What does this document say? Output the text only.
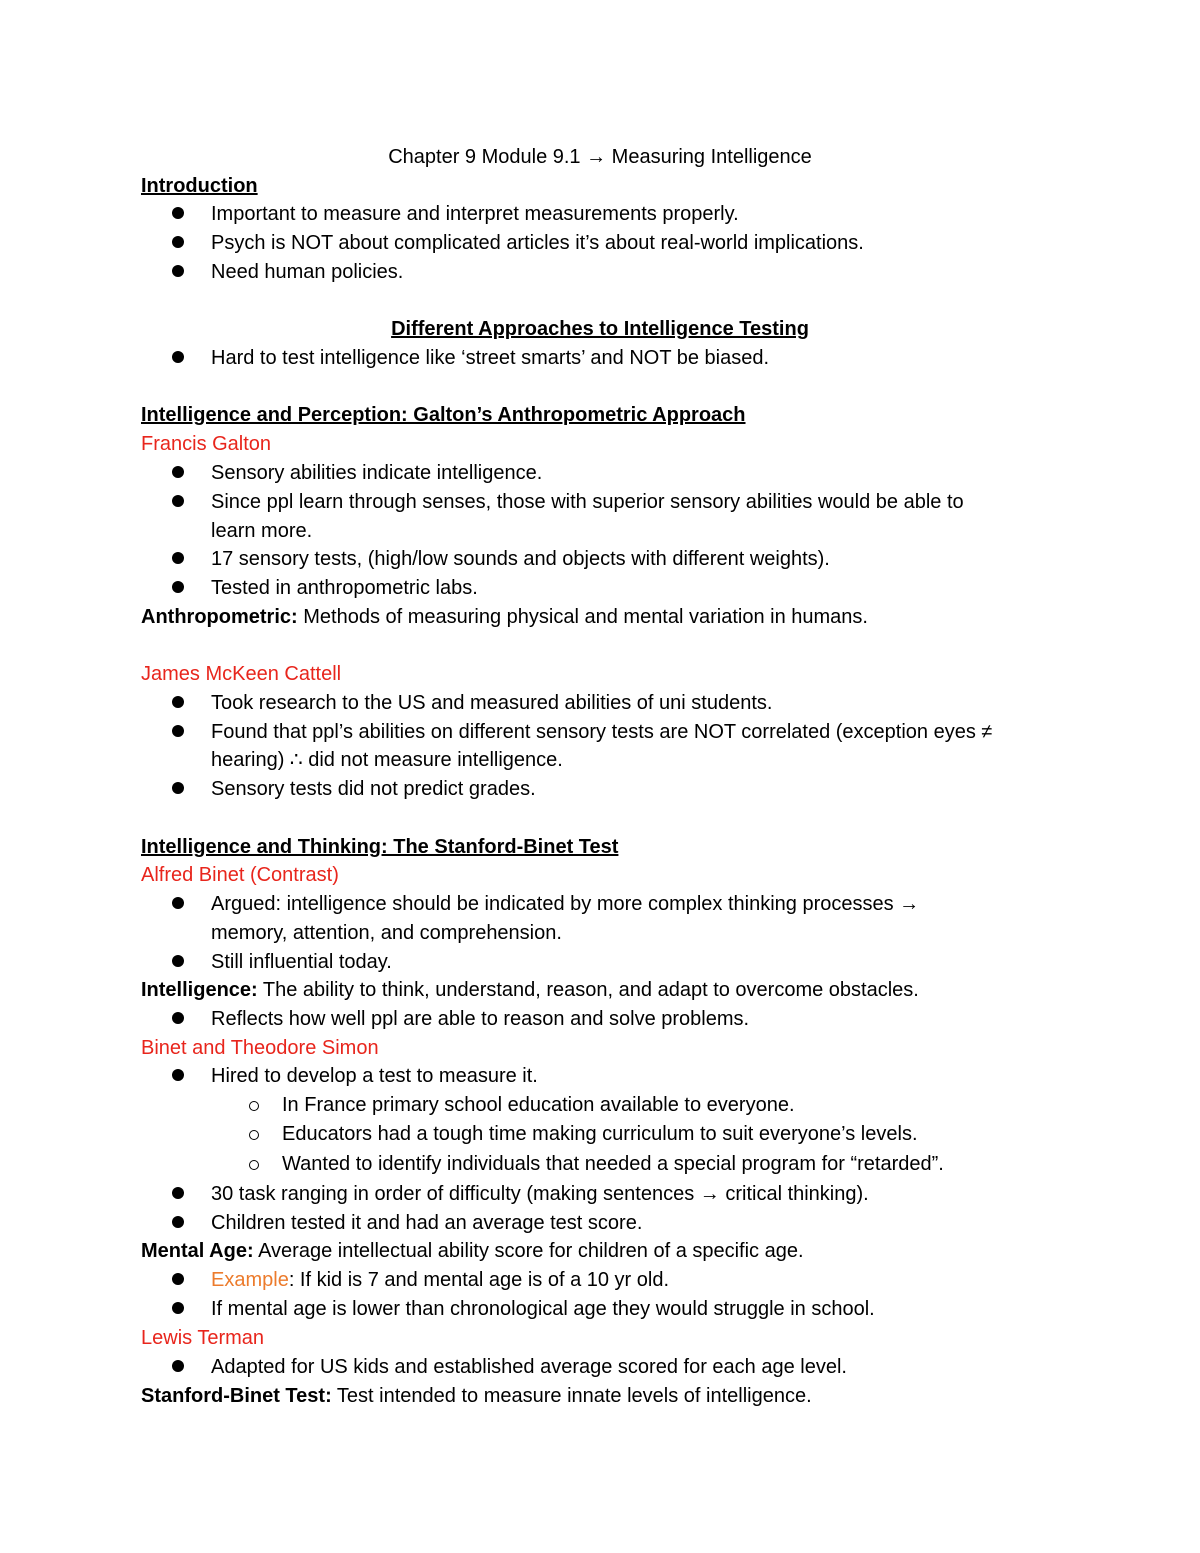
Chapter 9 Module 9.1 → Measuring Intelligence
Introduction
Important to measure and interpret measurements properly.
Psych is NOT about complicated articles it’s about real-world implications.
Need human policies.
Different Approaches to Intelligence Testing
Hard to test intelligence like ‘street smarts’ and NOT be biased.
Intelligence and Perception: Galton’s Anthropometric Approach
Francis Galton
Sensory abilities indicate intelligence.
Since ppl learn through senses, those with superior sensory abilities would be able to
learn more.
17 sensory tests, (high/low sounds and objects with different weights).
Tested in anthropometric labs.
Anthropometric: Methods of measuring physical and mental variation in humans.
James McKeen Cattell
Took research to the US and measured abilities of uni students.
Found that ppl’s abilities on different sensory tests are NOT correlated (exception eyes ≠
hearing) ∴ did not measure intelligence.
Sensory tests did not predict grades.
Intelligence and Thinking: The Stanford-Binet Test
Alfred Binet (Contrast)
Argued: intelligence should be indicated by more complex thinking processes →
memory, attention, and comprehension.
Still influential today.
Intelligence: The ability to think, understand, reason, and adapt to overcome obstacles.
Reflects how well ppl are able to reason and solve problems.
Binet and Theodore Simon
Hired to develop a test to measure it.
In France primary school education available to everyone.
Educators had a tough time making curriculum to suit everyone’s levels.
Wanted to identify individuals that needed a special program for “retarded”.
30 task ranging in order of difficulty (making sentences → critical thinking).
Children tested it and had an average test score.
Mental Age: Average intellectual ability score for children of a specific age.
Example: If kid is 7 and mental age is of a 10 yr old.
If mental age is lower than chronological age they would struggle in school.
Lewis Terman
Adapted for US kids and established average scored for each age level.
Stanford-Binet Test: Test intended to measure innate levels of intelligence.
